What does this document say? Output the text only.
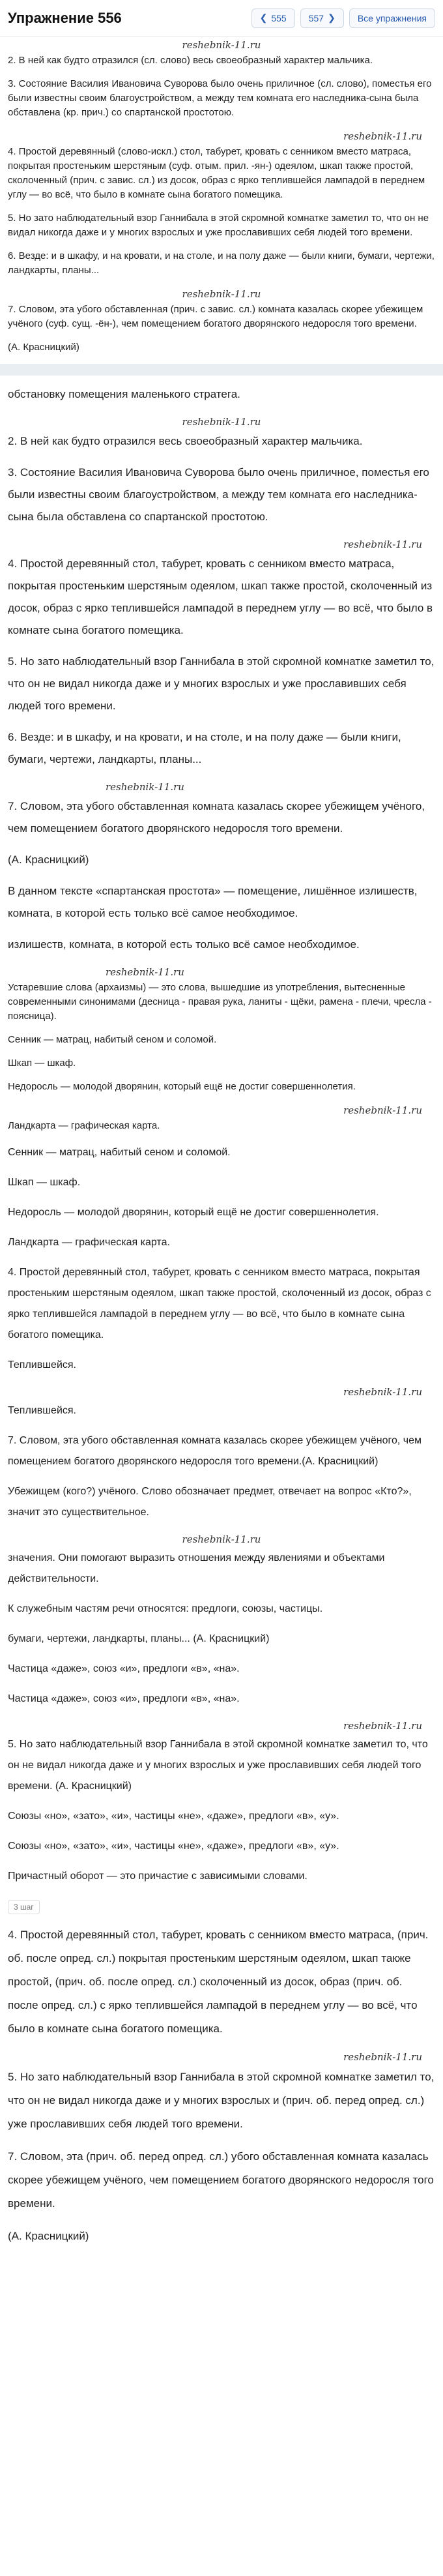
Упражнение 556	❮ 555 557 ❯ Все упражнения
reshebnik-11.ru

2. В ней как будто отразился (сл. слово) весь своеобразный характер мальчика.

3. Состояние Василия Ивановича Суворова было очень приличное (сл. слово), поместья его были известны своим благоустройством, а между тем комната его наследника-сына была обставлена (кр. прич.) со спартанской простотою.

reshebnik-11.ru

4. Простой деревянный (слово-искл.) стол, табурет, кровать с сенником вместо матраса, покрытая простеньким шерстяным (суф. отым. прил. -ян-) одеялом, шкап также простой, сколоченный (прич. с завис. сл.) из досок, образ с ярко теплившейся лампадой в переднем углу — во всё, что было в комнате сына богатого помещика.

5. Но зато наблюдательный взор Ганнибала в этой скромной комнатке заметил то, что он не видал никогда даже и у многих взрослых и уже прославивших себя людей того времени.

6. Везде: и в шкафу, и на кровати, и на столе, и на полу даже — были книги, бумаги, чертежи, ландкарты, планы...

reshebnik-11.ru

7. Словом, эта убого обставленная (прич. с завис. сл.) комната казалась скорее убежищем учёного (суф. сущ. -ён-), чем помещением богатого дворянского недоросля того времени.

(А. Красницкий)

обстановку помещения маленького стратега.

reshebnik-11.ru

2. В ней как будто отразился весь своеобразный характер мальчика.

3. Состояние Василия Ивановича Суворова было очень приличное, поместья его были известны своим благоустройством, а между тем комната его наследника-сына была обставлена со спартанской простотою.

reshebnik-11.ru

4. Простой деревянный стол, табурет, кровать с сенником вместо матраса, покрытая простеньким шерстяным одеялом, шкап также простой, сколоченный из досок, образ с ярко теплившейся лампадой в переднем углу — во всё, что было в комнате сына богатого помещика.

5. Но зато наблюдательный взор Ганнибала в этой скромной комнатке заметил то, что он не видал никогда даже и у многих взрослых и уже прославивших себя людей того времени.

6. Везде: и в шкафу, и на кровати, и на столе, и на полу даже — были книги, бумаги, чертежи, ландкарты, планы...

reshebnik-11.ru

7. Словом, эта убого обставленная комната казалась скорее убежищем учёного, чем помещением богатого дворянского недоросля того времени.

(А. Красницкий)

В данном тексте «спартанская простота» — помещение, лишённое излишеств, комната, в которой есть только всё самое необходимое.

излишеств, комната, в которой есть только всё самое необходимое.

reshebnik-11.ru

Устаревшие слова (архаизмы) — это слова, вышедшие из употребления, вытесненные современными синонимами (десница - правая рука, ланиты - щёки, рамена - плечи, чресла - поясница).

Сенник — матрац, набитый сеном и соломой.

Шкап — шкаф.

Недоросль — молодой дворянин, который ещё не достиг совершеннолетия.

reshebnik-11.ru

Ландкарта — графическая карта.

Сенник — матрац, набитый сеном и соломой.

Шкап — шкаф.

Недоросль — молодой дворянин, который ещё не достиг совершеннолетия.

Ландкарта — графическая карта.

4. Простой деревянный стол, табурет, кровать с сенником вместо матраса, покрытая простеньким шерстяным одеялом, шкап также простой, сколоченный из досок, образ с ярко теплившейся лампадой в переднем углу — во всё, что было в комнате сына богатого помещика.

Теплившейся.

reshebnik-11.ru

Теплившейся.

7. Словом, эта убого обставленная комната казалась скорее убежищем учёного, чем помещением богатого дворянского недоросля того времени.(А. Красницкий)

Убежищем (кого?) учёного. Слово обозначает предмет, отвечает на вопрос «Кто?», значит это существительное.

reshebnik-11.ru

значения. Они помогают выразить отношения между явлениями и объектами действительности.

К служебным частям речи относятся: предлоги, союзы, частицы.

бумаги, чертежи, ландкарты, планы... (А. Красницкий)

Частица «даже», союз «и», предлоги «в», «на».

Частица «даже», союз «и», предлоги «в», «на».

reshebnik-11.ru

5. Но зато наблюдательный взор Ганнибала в этой скромной комнатке заметил то, что он не видал никогда даже и у многих взрослых и уже прославивших себя людей того времени. (А. Красницкий)

Союзы «но», «зато», «и», частицы «не», «даже», предлоги «в», «у».

Союзы «но», «зато», «и», частицы «не», «даже», предлоги «в», «у».

Причастный оборот — это причастие с зависимыми словами.

3 шаг

4. Простой деревянный стол, табурет, кровать с сенником вместо матраса, (прич. об. после опред. сл.) покрытая простеньким шерстяным одеялом, шкап также простой, (прич. об. после опред. сл.) сколоченный из досок, образ (прич. об. после опред. сл.) с ярко теплившейся лампадой в переднем углу — во всё, что было в комнате сына богатого помещика.

reshebnik-11.ru

5. Но зато наблюдательный взор Ганнибала в этой скромной комнатке заметил то, что он не видал никогда даже и у многих взрослых и (прич. об. перед опред. сл.) уже прославивших себя людей того времени.

7. Словом, эта (прич. об. перед опред. сл.) убого обставленная комната казалась скорее убежищем учёного, чем помещением богатого дворянского недоросля того времени.

(А. Красницкий)
